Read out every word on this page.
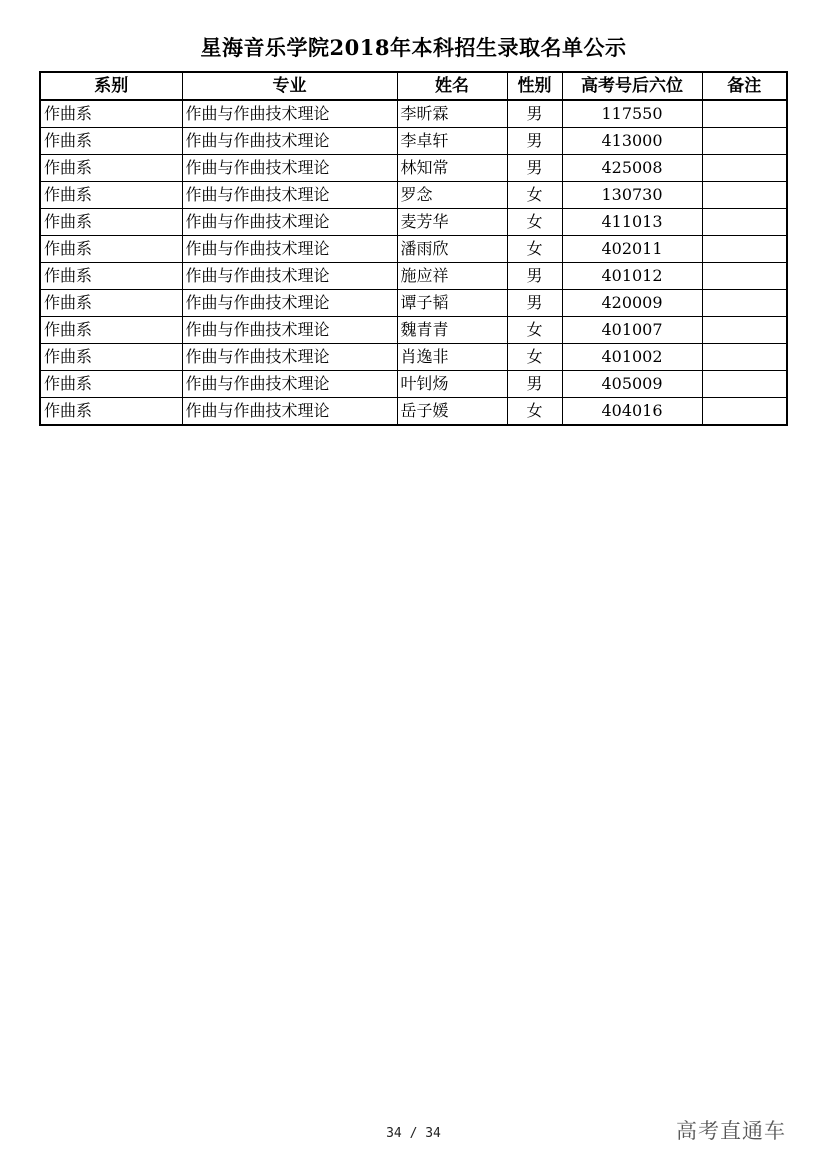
星海音乐学院2018年本科招生录取名单公示
系别	专业	姓名	性别	高考号后六位	备注
作曲系	作曲与作曲技术理论	李昕霖	男	117550	
作曲系	作曲与作曲技术理论	李卓轩	男	413000	
作曲系	作曲与作曲技术理论	林知常	男	425008	
作曲系	作曲与作曲技术理论	罗念	女	130730	
作曲系	作曲与作曲技术理论	麦芳华	女	411013	
作曲系	作曲与作曲技术理论	潘雨欣	女	402011	
作曲系	作曲与作曲技术理论	施应祥	男	401012	
作曲系	作曲与作曲技术理论	谭子韬	男	420009	
作曲系	作曲与作曲技术理论	魏青青	女	401007	
作曲系	作曲与作曲技术理论	肖逸非	女	401002	
作曲系	作曲与作曲技术理论	叶钊炀	男	405009	
作曲系	作曲与作曲技术理论	岳子媛	女	404016	
34 / 34	高考直通车
